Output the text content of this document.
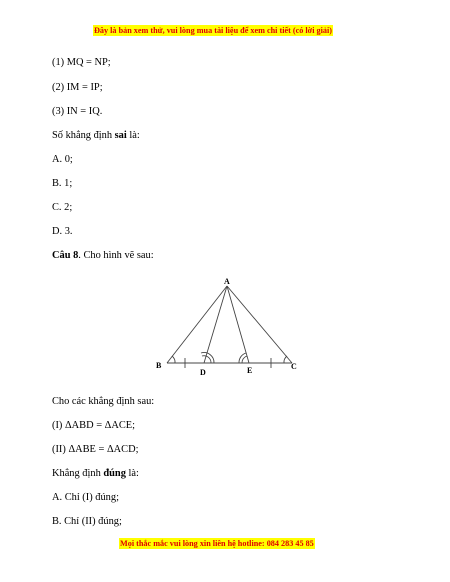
Đây là bản xem thử, vui lòng mua tài liệu để xem chi tiết (có lời giải)
(1) MQ = NP;
(2) IM = IP;
(3) IN = IQ.
Số khẳng định sai là:
A. 0;
B. 1;
C. 2;
D. 3.
Câu 8. Cho hình vẽ sau:
A
B	C
D	E
Cho các khẳng định sau:
(I) ΔABD = ΔACE;
(II) ΔABE = ΔACD;
Khẳng định đúng là:
A. Chỉ (I) đúng;
B. Chỉ (II) đúng;
Mọi thắc mắc vui lòng xin liên hệ hotline: 084 283 45 85
